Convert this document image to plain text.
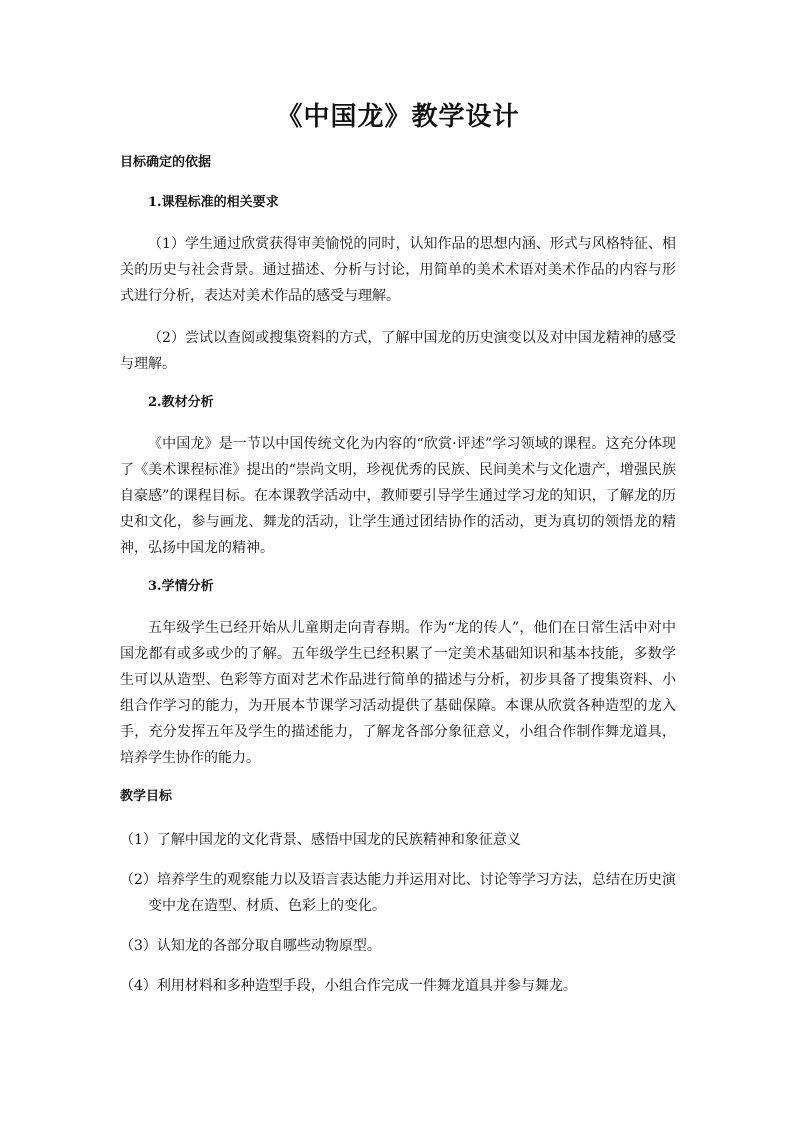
《中国龙》教学设计
目标确定的依据
1.课程标准的相关要求

（1）学生通过欣赏获得审美愉悦的同时，认知作品的思想内涵、形式与风格特征、相关的历史与社会背景。通过描述、分析与讨论，用简单的美术术语对美术作品的内容与形式进行分析，表达对美术作品的感受与理解。

（2）尝试以查阅或搜集资料的方式，了解中国龙的历史演变以及对中国龙精神的感受与理解。

2.教材分析

《中国龙》是一节以中国传统文化为内容的“欣赏·评述”学习领域的课程。这充分体现了《美术课程标准》提出的“崇尚文明，珍视优秀的民族、民间美术与文化遗产，增强民族自豪感”的课程目标。在本课教学活动中，教师要引导学生通过学习龙的知识，了解龙的历史和文化，参与画龙、舞龙的活动，让学生通过团结协作的活动，更为真切的领悟龙的精神，弘扬中国龙的精神。

3.学情分析

五年级学生已经开始从儿童期走向青春期。作为“龙的传人”，他们在日常生活中对中国龙都有或多或少的了解。五年级学生已经积累了一定美术基础知识和基本技能，多数学生可以从造型、色彩等方面对艺术作品进行简单的描述与分析，初步具备了搜集资料、小组合作学习的能力，为开展本节课学习活动提供了基础保障。本课从欣赏各种造型的龙入手，充分发挥五年及学生的描述能力，了解龙各部分象征意义，小组合作制作舞龙道具，培养学生协作的能力。

教学目标

（1）了解中国龙的文化背景、感悟中国龙的民族精神和象征意义

（2）培养学生的观察能力以及语言表达能力并运用对比、讨论等学习方法，总结在历史演变中龙在造型、材质、色彩上的变化。

（3）认知龙的各部分取自哪些动物原型。

（4）利用材料和多种造型手段，小组合作完成一件舞龙道具并参与舞龙。
